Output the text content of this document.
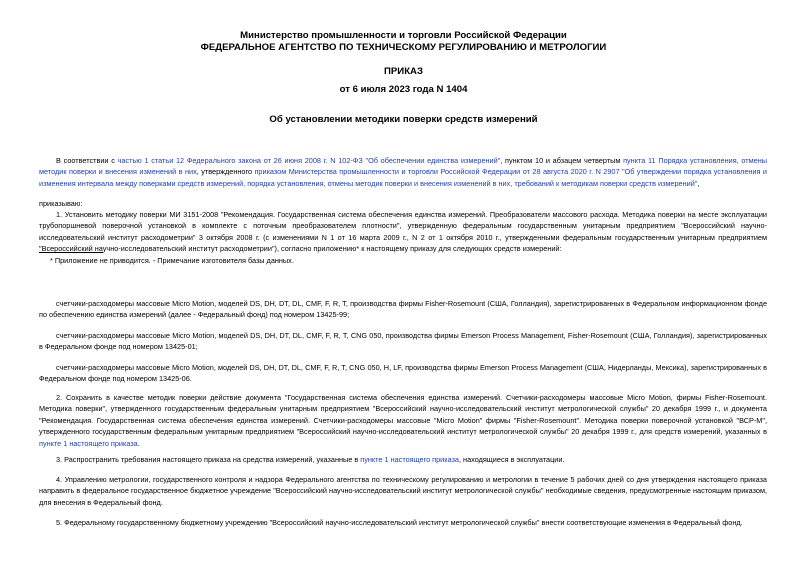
Министерство промышленности и торговли Российской Федерации
ФЕДЕРАЛЬНОЕ АГЕНТСТВО ПО ТЕХНИЧЕСКОМУ РЕГУЛИРОВАНИЮ И МЕТРОЛОГИИ
ПРИКАЗ
от 6 июля 2023 года N 1404
Об установлении методики поверки средств измерений

В соответствии с частью 1 статьи 12 Федерального закона от 26 июня 2008 г. N 102-ФЗ "Об обеспечении единства измерений", пунктом 10 и абзацем четвертым пункта 11 Порядка установления, отмены методик поверки и внесения изменений в них, утвержденного приказом Министерства промышленности и торговли Российской Федерации от 28 августа 2020 г. N 2907 "Об утверждении порядка установления и изменения интервала между поверками средств измерений, порядка установления, отмены методик поверки и внесения изменений в них, требований к методикам поверки средств измерений",

приказываю:

1. Установить методику поверки МИ 3151-2008 "Рекомендация. Государственная система обеспечения единства измерений. Преобразователи массового расхода. Методика поверки на месте эксплуатации трубопоршневой поверочной установкой в комплекте с поточным преобразователем плотности", утвержденную федеральным государственным унитарным предприятием "Всероссийский научно-исследовательский институт расходометрии" 3 октября 2008 г. (с изменениями N 1 от 16 марта 2009 г., N 2 от 1 октября 2010 г., утвержденными федеральным государственным унитарным предприятием "Всероссийский научно-исследовательский институт расходометрии"), согласно приложению* к настоящему приказу для следующих средств измерений:

* Приложение не приводится. - Примечание изготовителя базы данных.

счетчики-расходомеры массовые Micro Motion, моделей DS, DH, DT, DL, CMF, F, R, T, производства фирмы Fisher-Rosemount (США, Голландия), зарегистрированных в Федеральном информационном фонде по обеспечению единства измерений (далее - Федеральный фонд) под номером 13425-99;

счетчики-расходомеры массовые Micro Motion, моделей DS, DH, DT, DL, CMF, F, R, T, CNG 050, производства фирмы Emerson Process Management, Fisher-Rosemount (США, Голландия), зарегистрированных в Федеральном фонде под номером 13425-01;

счетчики-расходомеры массовые Micro Motion, моделей DS, DH, DT, DL, CMF, F, R, T, CNG 050, H, LF, производства фирмы Emerson Process Management (США, Нидерланды, Мексика), зарегистрированных в Федеральном фонде под номером 13425-06.

2. Сохранить в качестве методик поверки действие документа "Государственная система обеспечения единства измерений. Счетчики-расходомеры массовые Micro Motion, фирмы Fisher-Rosemount. Методика поверки", утвержденного государственным федеральным унитарным предприятием "Всероссийский научно-исследовательский институт метрологической службы" 20 декабря 1999 г., и документа "Рекомендация. Государственная система обеспечения единства измерений. Счетчики-расходомеры массовые "Micro Motion" фирмы "Fisher-Rosemount". Методика поверки поверочной установкой "ВСР-М", утвержденного государственным федеральным унитарным предприятием "Всероссийский научно-исследовательский институт метрологической службы" 20 декабря 1999 г., для средств измерений, указанных в пункте 1 настоящего приказа.

3. Распространить требования настоящего приказа на средства измерений, указанные в пункте 1 настоящего приказа, находящиеся в эксплуатации.

4. Управлению метрологии, государственного контроля и надзора Федерального агентства по техническому регулированию и метрологии в течение 5 рабочих дней со дня утверждения настоящего приказа направить в федеральное государственное бюджетное учреждение "Всероссийский научно-исследовательский институт метрологической службы" необходимые сведения, предусмотренные настоящим приказом, для внесения в Федеральный фонд.

5. Федеральному государственному бюджетному учреждению "Всероссийский научно-исследовательский институт метрологической службы" внести соответствующие изменения в Федеральный фонд.
